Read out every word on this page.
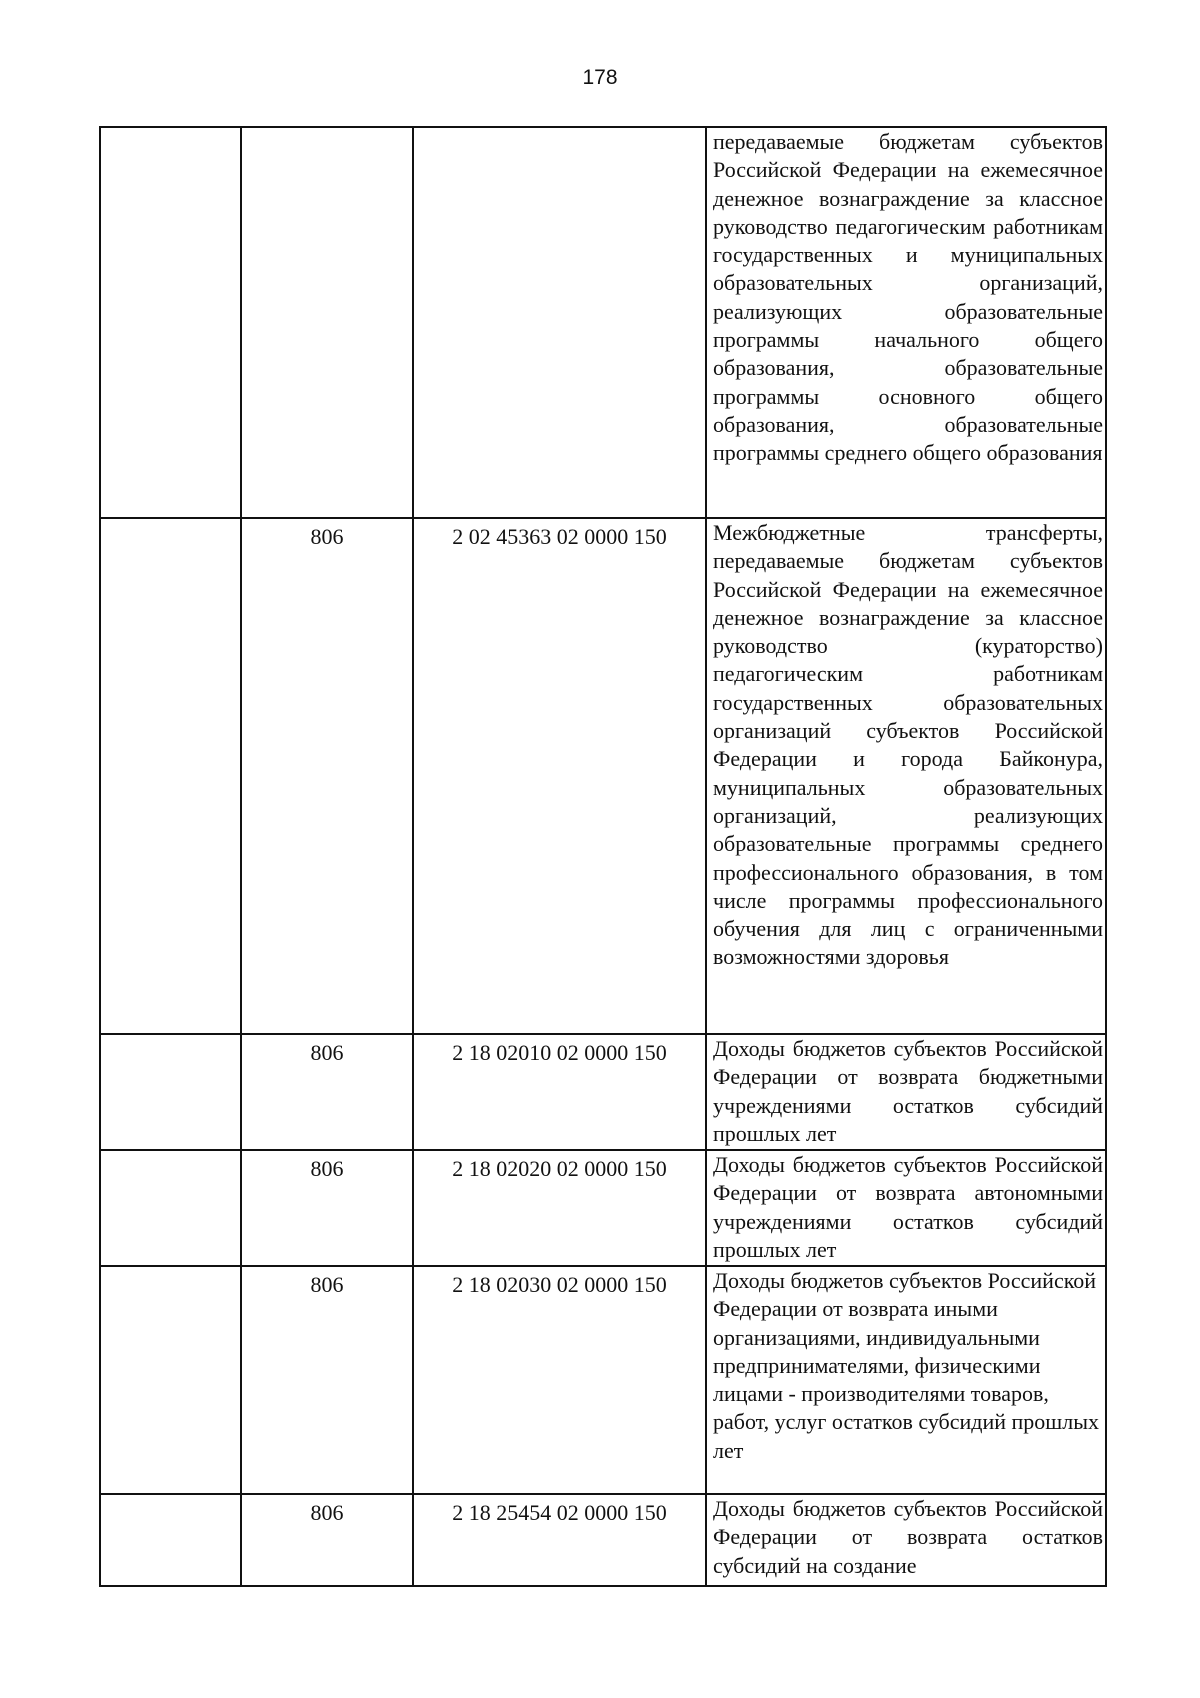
178

			передаваемые бюджетам субъектов Российской Федерации на ежемесячное денежное вознаграждение за классное руководство педагогическим работникам государственных и муниципальных образовательных организаций, реализующих образовательные программы начального общего образования, образовательные программы основного общего образования, образовательные программы среднего общего образования

	806	2 02 45363 02 0000 150	Межбюджетные трансферты, передаваемые бюджетам субъектов Российской Федерации на ежемесячное денежное вознаграждение за классное руководство (кураторство) педагогическим работникам государственных образовательных организаций субъектов Российской Федерации и города Байконура, муниципальных образовательных организаций, реализующих образовательные программы среднего профессионального образования, в том числе программы профессионального обучения для лиц с ограниченными возможностями здоровья

	806	2 18 02010 02 0000 150	Доходы бюджетов субъектов Российской Федерации от возврата бюджетными учреждениями остатков субсидий прошлых лет

	806	2 18 02020 02 0000 150	Доходы бюджетов субъектов Российской Федерации от возврата автономными учреждениями остатков субсидий прошлых лет

	806	2 18 02030 02 0000 150	Доходы бюджетов субъектов Российской Федерации от возврата иными организациями, индивидуальными предпринимателями, физическими лицами - производителями товаров, работ, услуг остатков субсидий прошлых лет

	806	2 18 25454 02 0000 150	Доходы бюджетов субъектов Российской Федерации от возврата остатков субсидий на создание
